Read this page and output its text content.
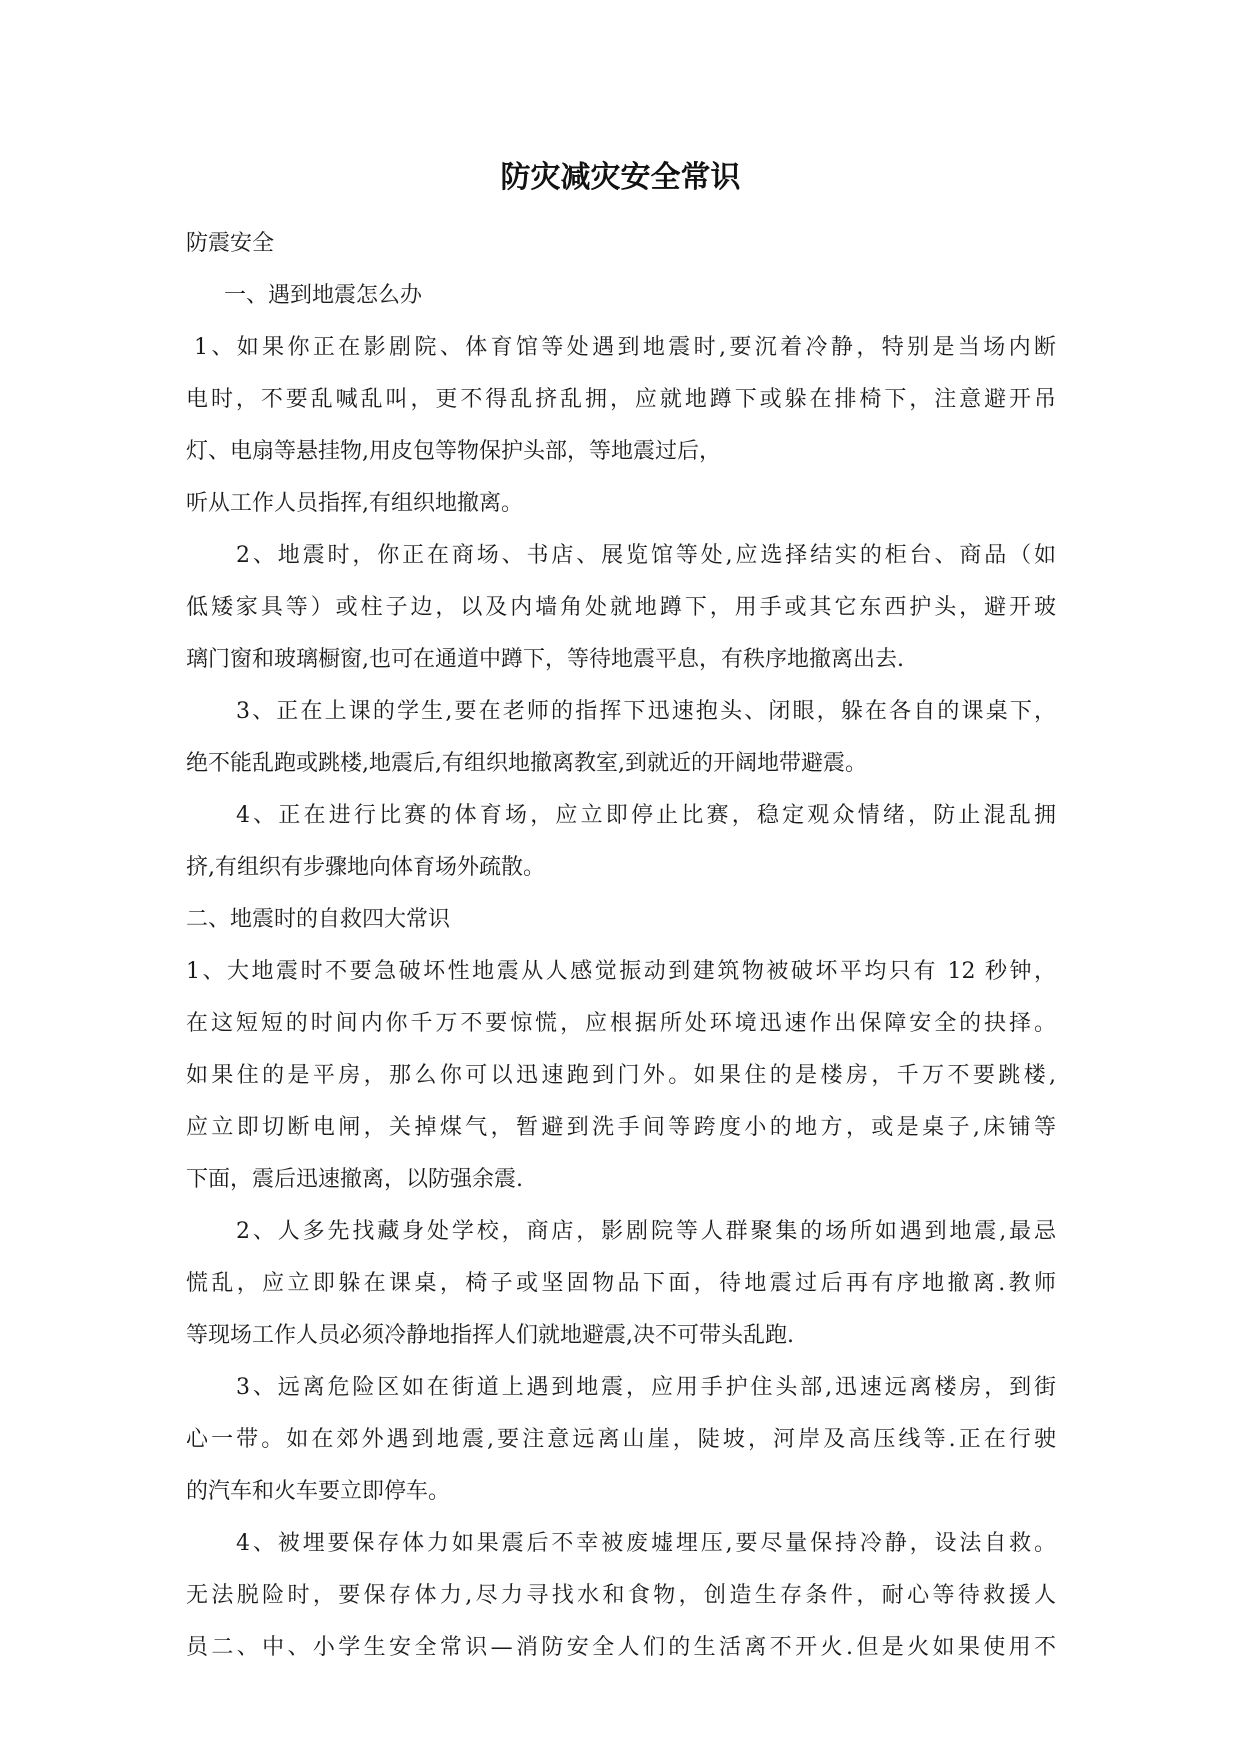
防灾减灾安全常识

防震安全

一、遇到地震怎么办

1、如果你正在影剧院、体育馆等处遇到地震时,要沉着冷静，特别是当场内断

电时，不要乱喊乱叫，更不得乱挤乱拥，应就地蹲下或躲在排椅下，注意避开吊

灯、电扇等悬挂物,用皮包等物保护头部，等地震过后，

听从工作人员指挥,有组织地撤离。

2、地震时，你正在商场、书店、展览馆等处,应选择结实的柜台、商品（如

低矮家具等）或柱子边，以及内墙角处就地蹲下，用手或其它东西护头，避开玻

璃门窗和玻璃橱窗,也可在通道中蹲下，等待地震平息，有秩序地撤离出去.

3、正在上课的学生,要在老师的指挥下迅速抱头、闭眼，躲在各自的课桌下，

绝不能乱跑或跳楼,地震后,有组织地撤离教室,到就近的开阔地带避震。

4、正在进行比赛的体育场，应立即停止比赛，稳定观众情绪，防止混乱拥

挤,有组织有步骤地向体育场外疏散。

二、地震时的自救四大常识

1、大地震时不要急破坏性地震从人感觉振动到建筑物被破坏平均只有 12 秒钟，

在这短短的时间内你千万不要惊慌，应根据所处环境迅速作出保障安全的抉择。

如果住的是平房，那么你可以迅速跑到门外。如果住的是楼房，千万不要跳楼,

应立即切断电闸，关掉煤气，暂避到洗手间等跨度小的地方，或是桌子,床铺等

下面，震后迅速撤离，以防强余震.

2、人多先找藏身处学校，商店，影剧院等人群聚集的场所如遇到地震,最忌

慌乱，应立即躲在课桌，椅子或坚固物品下面，待地震过后再有序地撤离.教师

等现场工作人员必须冷静地指挥人们就地避震,决不可带头乱跑.

3、远离危险区如在街道上遇到地震，应用手护住头部,迅速远离楼房，到街

心一带。如在郊外遇到地震,要注意远离山崖，陡坡，河岸及高压线等.正在行驶

的汽车和火车要立即停车。

4、被埋要保存体力如果震后不幸被废墟埋压,要尽量保持冷静，设法自救。

无法脱险时，要保存体力,尽力寻找水和食物，创造生存条件，耐心等待救援人

员二、中、小学生安全常识—消防安全人们的生活离不开火.但是火如果使用不
